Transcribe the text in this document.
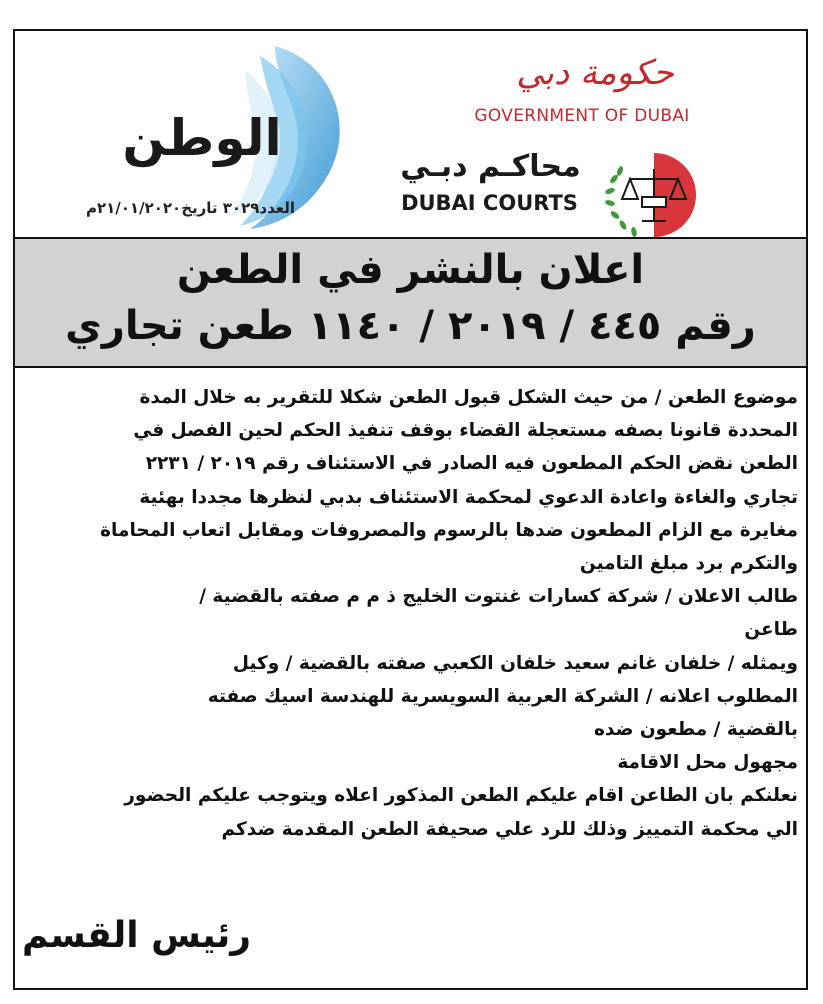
الوطن
العدد٣٠٢٩ تاريخ٢١/٠١/٢٠٢٠م
حكومة دبي
GOVERNMENT OF DUBAI
محاكـم دبـي
DUBAI COURTS
اعلان بالنشر في الطعن
رقم ٤٤٥ / ٢٠١٩ / ١١٤٠ طعن تجاري

موضوع الطعن / من حيث الشكل قبول الطعن شكلا للتقرير به خلال المدة

المحددة قانونا بصفه مستعجلة القضاء بوقف تنفيذ الحكم لحين الفصل في

الطعن نقض الحكم المطعون فيه الصادر في الاستئناف رقم ٢٠١٩ / ٢٢٣١

تجاري والغاءة واعادة الدعوي لمحكمة الاستئناف بدبي لنظرها مجددا بهئية

مغايرة مع الزام المطعون ضدها بالرسوم والمصروفات ومقابل اتعاب المحاماة

والتكرم برد مبلغ التامين

طالب الاعلان / شركة كسارات غنتوت الخليج ذ م م صفته بالقضية /

طاعن

ويمثله / خلفان غانم سعيد خلفان الكعبي صفته بالقضية / وكيل

المطلوب اعلانه / الشركة العربية السويسرية للهندسة اسيك صفته

بالقضية / مطعون ضده

مجهول محل الاقامة

نعلنكم بان الطاعن اقام عليكم الطعن المذكور اعلاه ويتوجب عليكم الحضور

الي محكمة التمييز وذلك للرد علي صحيفة الطعن المقدمة ضدكم

رئيس القسم
